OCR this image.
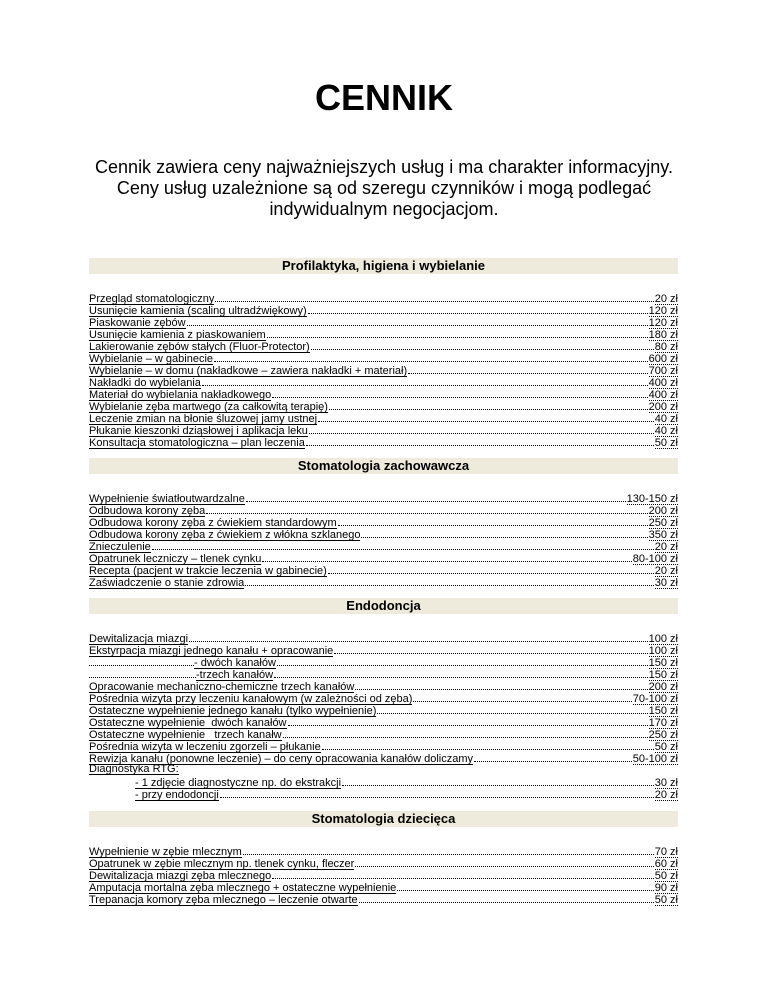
CENNIK
Cennik zawiera ceny najważniejszych usług i ma charakter informacyjny.
Ceny usług uzależnione są od szeregu czynników i mogą podlegać
indywidualnym negocjacjom.
Profilaktyka, higiena i wybielanie
Przegląd stomatologiczny	20 zł
Usunięcie kamienia (scaling ultradźwiękowy)	120 zł
Piaskowanie zębów	120 zł
Usunięcie kamienia z piaskowaniem	180 zł
Lakierowanie zębów stałych (Fluor-Protector)	80 zł
Wybielanie – w gabinecie	600 zł
Wybielanie – w domu (nakładkowe – zawiera nakładki + materiał)	700 zł
Nakładki do wybielania	400 zł
Materiał do wybielania nakładkowego	400 zł
Wybielanie zęba martwego (za całkowitą terapię)	200 zł
Leczenie zmian na błonie śluzowej jamy ustnej	40 zł
Płukanie kieszonki dziąsłowej i aplikacja leku	40 zł
Konsultacja stomatologiczna – plan leczenia	50 zł
Stomatologia zachowawcza
Wypełnienie światłoutwardzalne	130-150 zł
Odbudowa korony zęba	200 zł
Odbudowa korony zęba z ćwiekiem standardowym	250 zł
Odbudowa korony zęba z ćwiekiem z włókna szklanego	350 zł
Znieczulenie	20 zł
Opatrunek leczniczy – tlenek cynku	80-100 zł
Recepta (pacjent w trakcie leczenia w gabinecie)	20 zł
Zaświadczenie o stanie zdrowia	30 zł
Endodoncja
Dewitalizacja miazgi	100 zł
Ekstyrpacja miazgi jednego kanału + opracowanie	100 zł
- dwóch kanałów	150 zł
-trzech kanałów	150 zł
Opracowanie mechaniczno-chemiczne trzech kanałów	200 zł
Pośrednia wizyta przy leczeniu kanałowym (w zależności od zęba)	70-100 zł
Ostateczne wypełnienie jednego kanału (tylko wypełnienie)	150 zł
Ostateczne wypełnienie  dwóch kanałów	170 zł
Ostateczne wypełnienie   trzech kanałw	250 zł
Pośrednia wizyta w leczeniu zgorzeli – płukanie	50 zł
Rewizja kanału (ponowne leczenie) – do ceny opracowania kanałów doliczamy	50-100 zł
Diagnostyka RTG:
- 1 zdjęcie diagnostyczne np. do ekstrakcji	30 zł
- przy endodoncji	20 zł
Stomatologia dziecięca
Wypełnienie w zębie mlecznym	70 zł
Opatrunek w zębie mlecznym np. tlenek cynku, fleczer	60 zł
Dewitalizacja miazgi zęba mlecznego	50 zł
Amputacja mortalna zęba mlecznego + ostateczne wypełnienie	90 zł
Trepanacja komory zęba mlecznego – leczenie otwarte	50 zł
